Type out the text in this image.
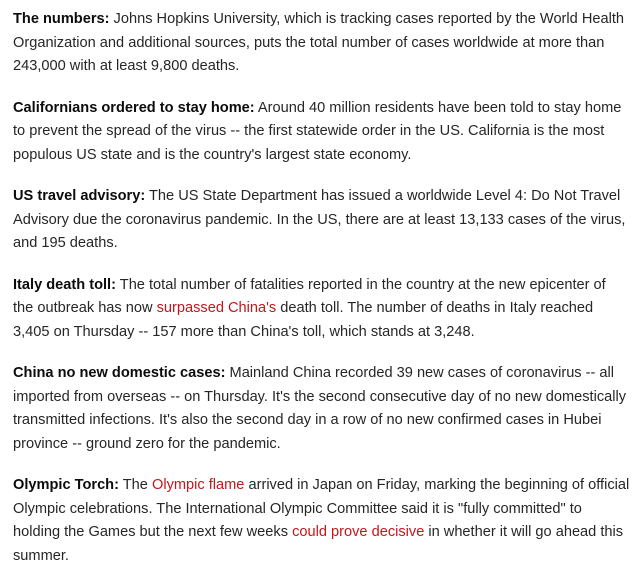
The numbers: Johns Hopkins University, which is tracking cases reported by the World Health Organization and additional sources, puts the total number of cases worldwide at more than 243,000 with at least 9,800 deaths.

Californians ordered to stay home: Around 40 million residents have been told to stay home to prevent the spread of the virus -- the first statewide order in the US. California is the most populous US state and is the country's largest state economy.

US travel advisory: The US State Department has issued a worldwide Level 4: Do Not Travel Advisory due the coronavirus pandemic. In the US, there are at least 13,133 cases of the virus, and 195 deaths.

Italy death toll: The total number of fatalities reported in the country at the new epicenter of the outbreak has now surpassed China's death toll. The number of deaths in Italy reached 3,405 on Thursday -- 157 more than China's toll, which stands at 3,248.

China no new domestic cases: Mainland China recorded 39 new cases of coronavirus -- all imported from overseas -- on Thursday. It's the second consecutive day of no new domestically transmitted infections. It's also the second day in a row of no new confirmed cases in Hubei province -- ground zero for the pandemic.

Olympic Torch: The Olympic flame arrived in Japan on Friday, marking the beginning of official Olympic celebrations. The International Olympic Committee said it is "fully committed" to holding the Games but the next few weeks could prove decisive in whether it will go ahead this summer.
